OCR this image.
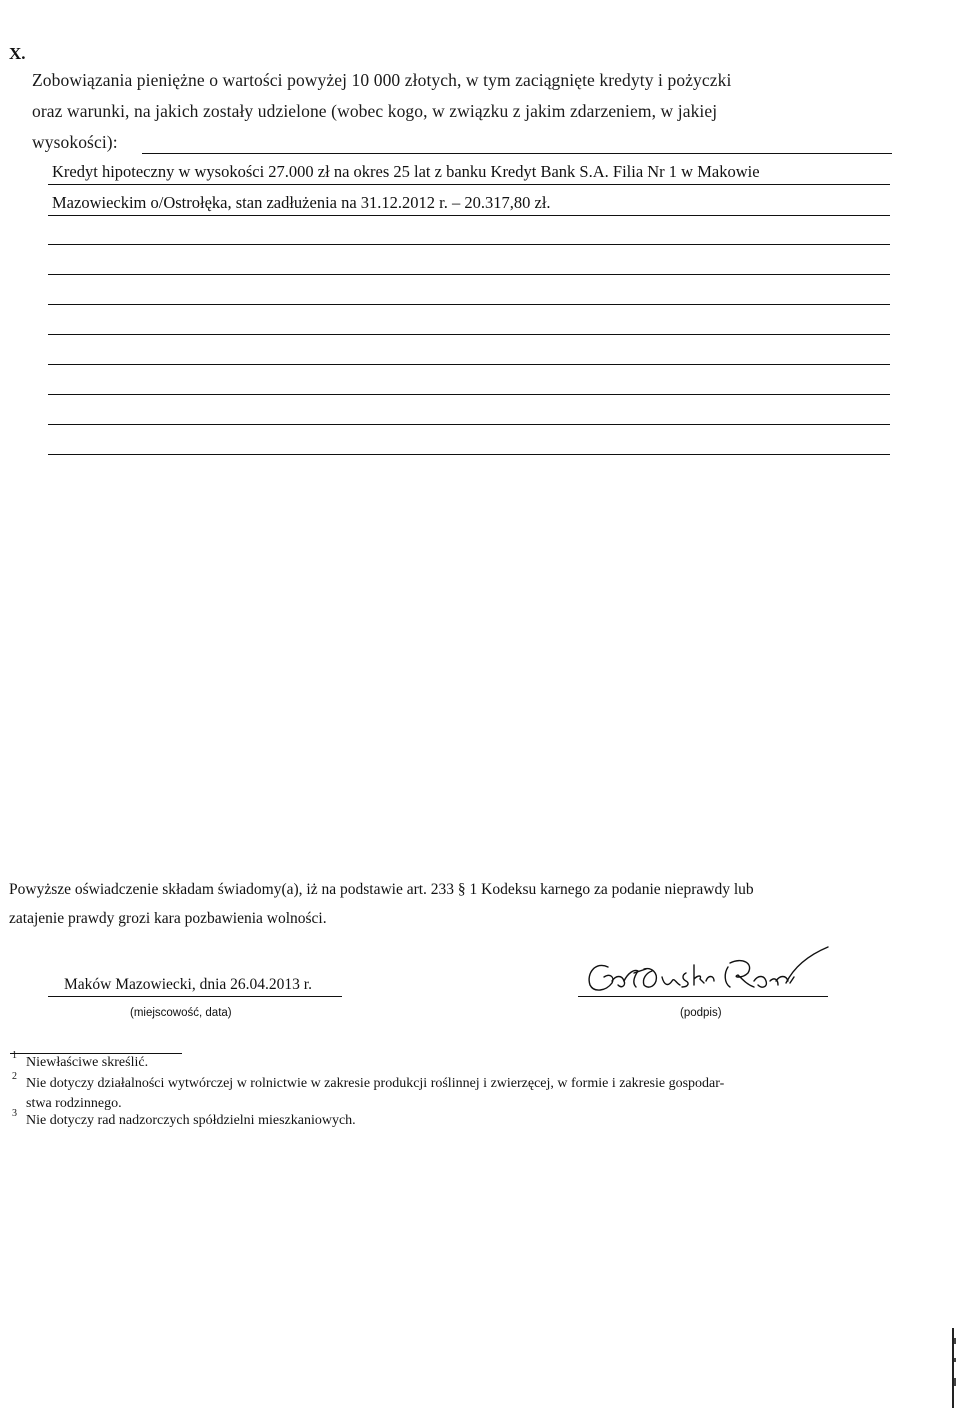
X.
Zobowiązania pieniężne o wartości powyżej 10 000 złotych, w tym zaciągnięte kredyty i pożyczki
oraz warunki, na jakich zostały udzielone (wobec kogo, w związku z jakim zdarzeniem, w jakiej
wysokości):
Kredyt hipoteczny w wysokości 27.000 zł na okres 25 lat z banku Kredyt Bank S.A. Filia Nr 1 w Makowie
Mazowieckim o/Ostrołęka, stan zadłużenia na 31.12.2012 r. – 20.317,80 zł.
Powyższe oświadczenie składam świadomy(a), iż na podstawie art. 233 § 1 Kodeksu karnego za podanie nieprawdy lub
zatajenie prawdy grozi kara pozbawienia wolności.
Maków Mazowiecki, dnia 26.04.2013 r.
(miejscowość, data)	(podpis)
1 Niewłaściwe skreślić.
2 Nie dotyczy działalności wytwórczej w rolnictwie w zakresie produkcji roślinnej i zwierzęcej, w formie i zakresie gospodar-
stwa rodzinnego.
3 Nie dotyczy rad nadzorczych spółdzielni mieszkaniowych.
